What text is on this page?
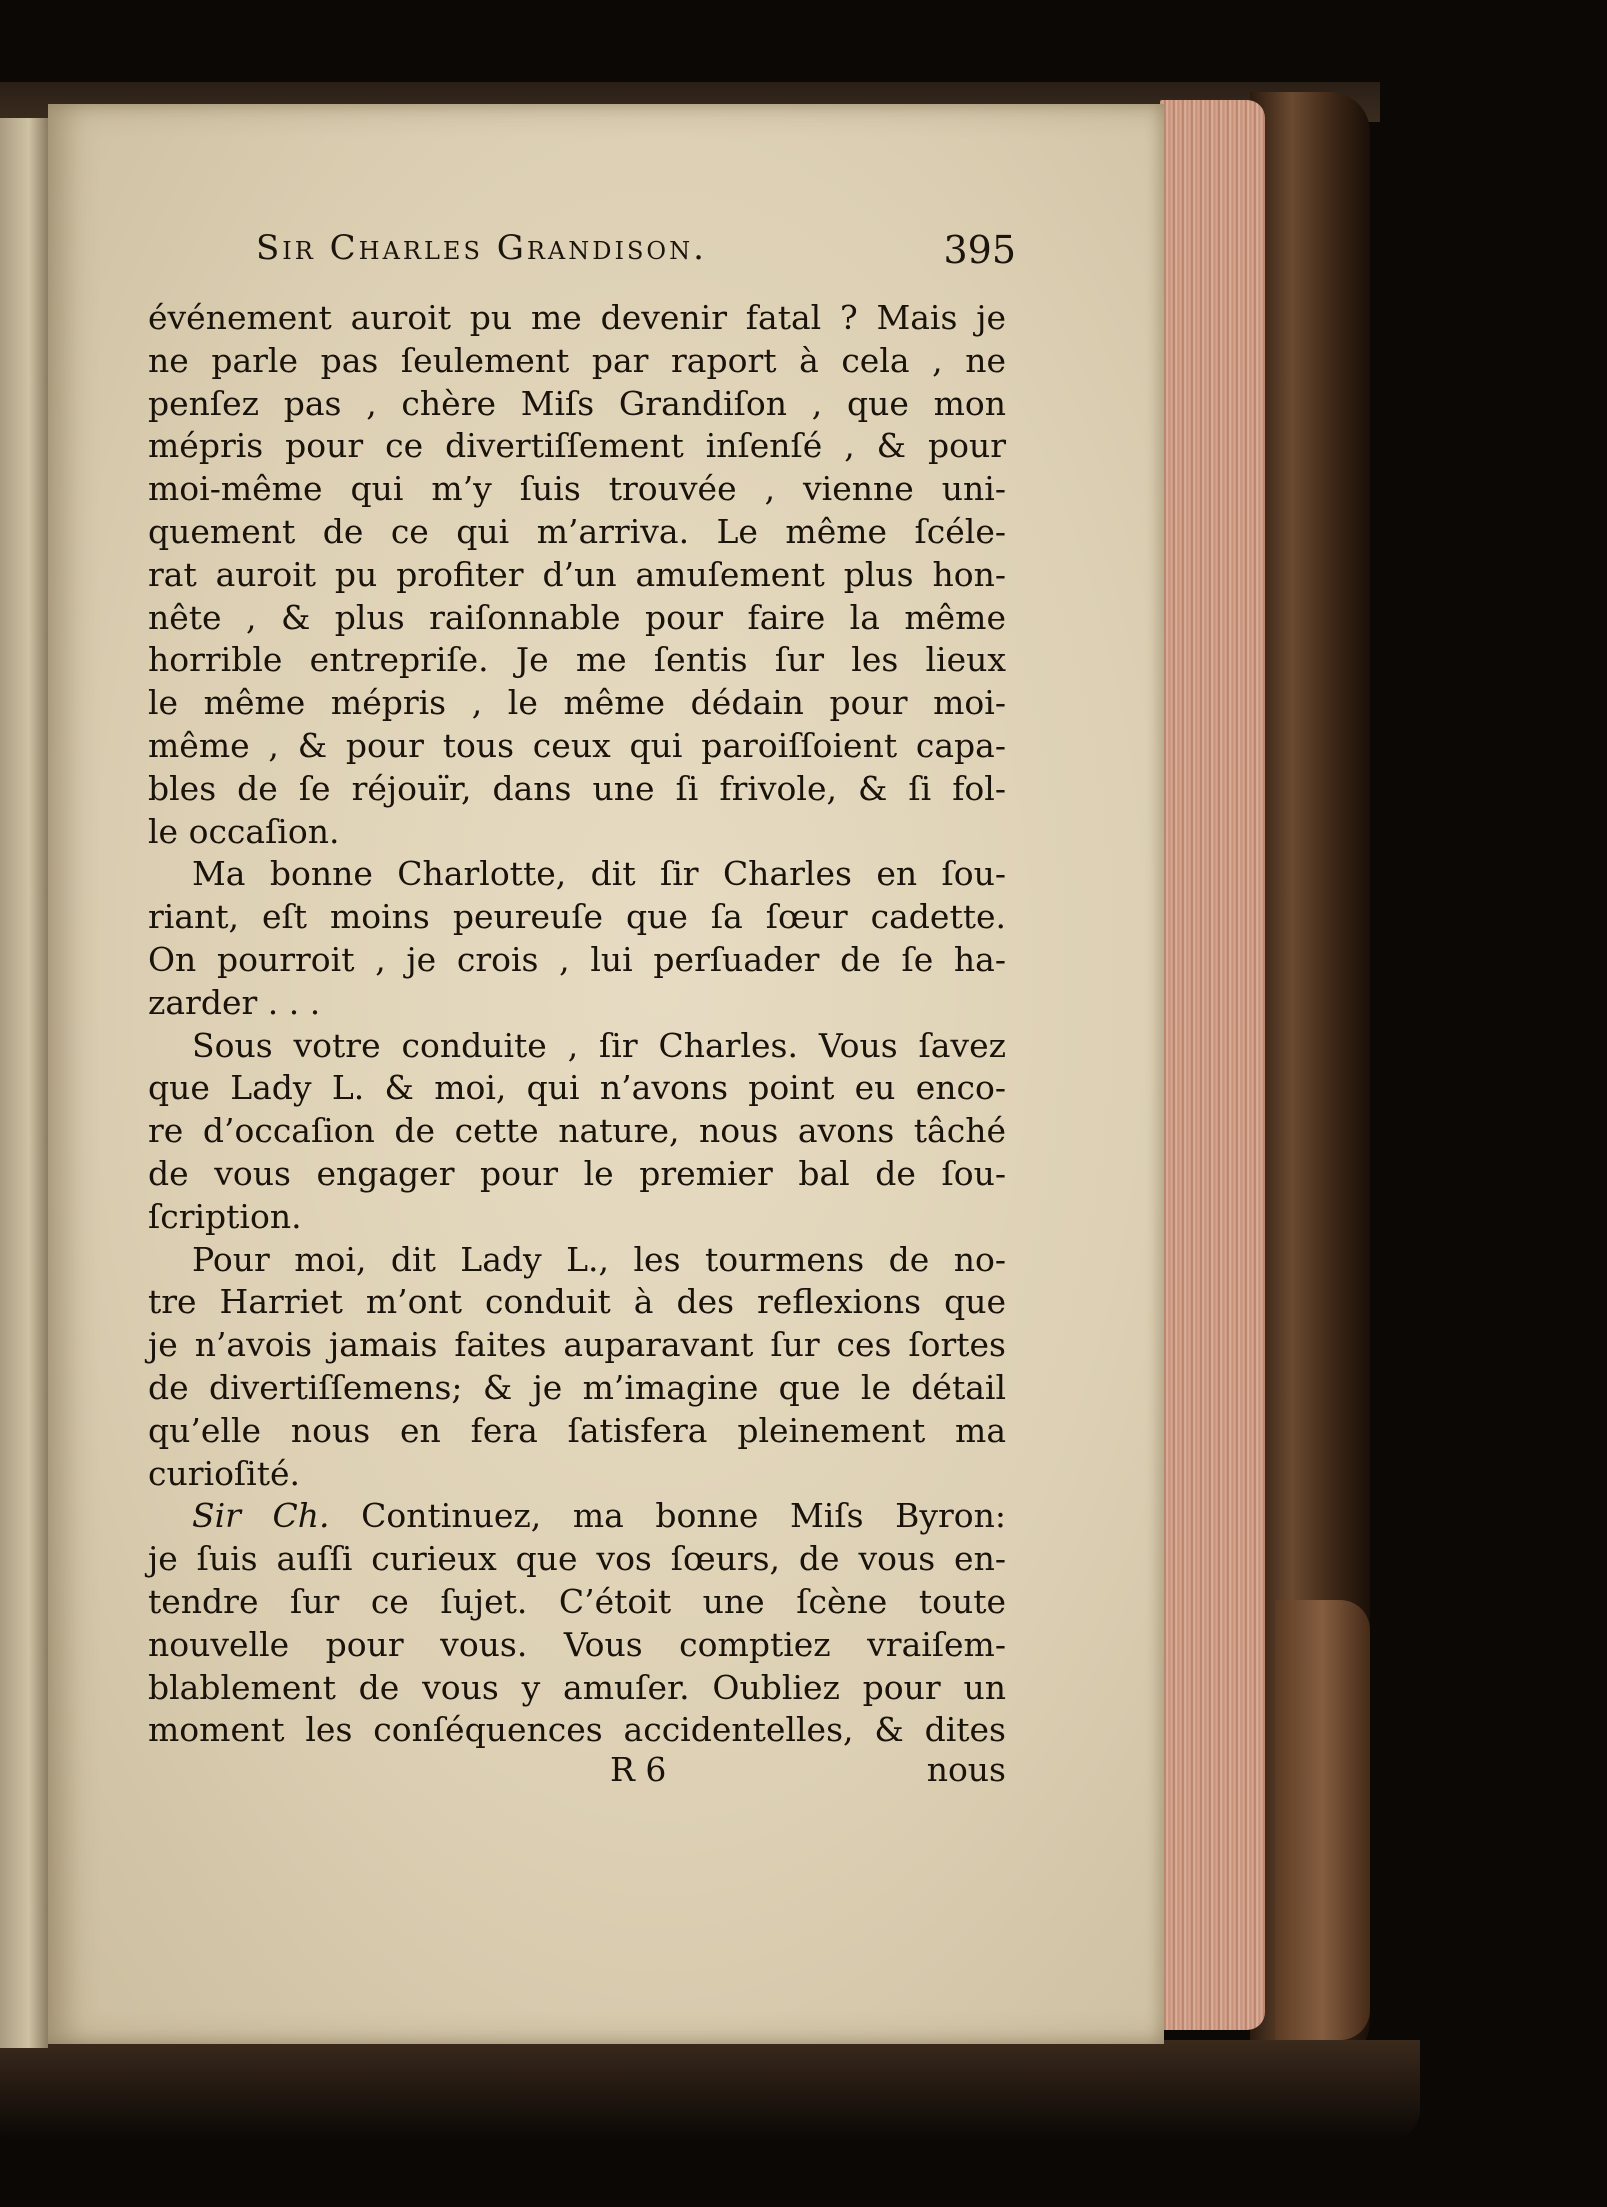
Sir Charles Grandison.	395
événement auroit pu me devenir fatal ? Mais je
ne parle pas ſeulement par raport à cela , ne
penſez pas , chère Miſs Grandiſon , que mon
mépris pour ce divertiſſement inſenſé , & pour
moi-même qui m’y ſuis trouvée , vienne uni-
quement de ce qui m’arriva. Le même ſcéle-
rat auroit pu profiter d’un amuſement plus hon-
nête , & plus raiſonnable pour faire la même
horrible entrepriſe. Je me ſentis ſur les lieux
le même mépris , le même dédain pour moi-
même , & pour tous ceux qui paroiſſoient capa-
bles de ſe réjouïr, dans une ſi frivole, & ſi fol-
le occaſion.
Ma bonne Charlotte, dit ſir Charles en ſou-
riant, eſt moins peureuſe que ſa ſœur cadette.
On pourroit , je crois , lui perſuader de ſe ha-
zarder . . .
Sous votre conduite , ſir Charles. Vous ſavez
que Lady L. & moi, qui n’avons point eu enco-
re d’occaſion de cette nature, nous avons tâché
de vous engager pour le premier bal de ſou-
ſcription.
Pour moi, dit Lady L., les tourmens de no-
tre Harriet m’ont conduit à des reflexions que
je n’avois jamais faites auparavant ſur ces ſortes
de divertiſſemens; & je m’imagine que le détail
qu’elle nous en fera ſatisfera pleinement ma
curioſité.
Sir Ch. Continuez, ma bonne Miſs Byron:
je ſuis auſſi curieux que vos ſœurs, de vous en-
tendre ſur ce ſujet. C’étoit une ſcène toute
nouvelle pour vous. Vous comptiez vraiſem-
blablement de vous y amuſer. Oubliez pour un
moment les conſéquences accidentelles, & dites
R 6	nous
